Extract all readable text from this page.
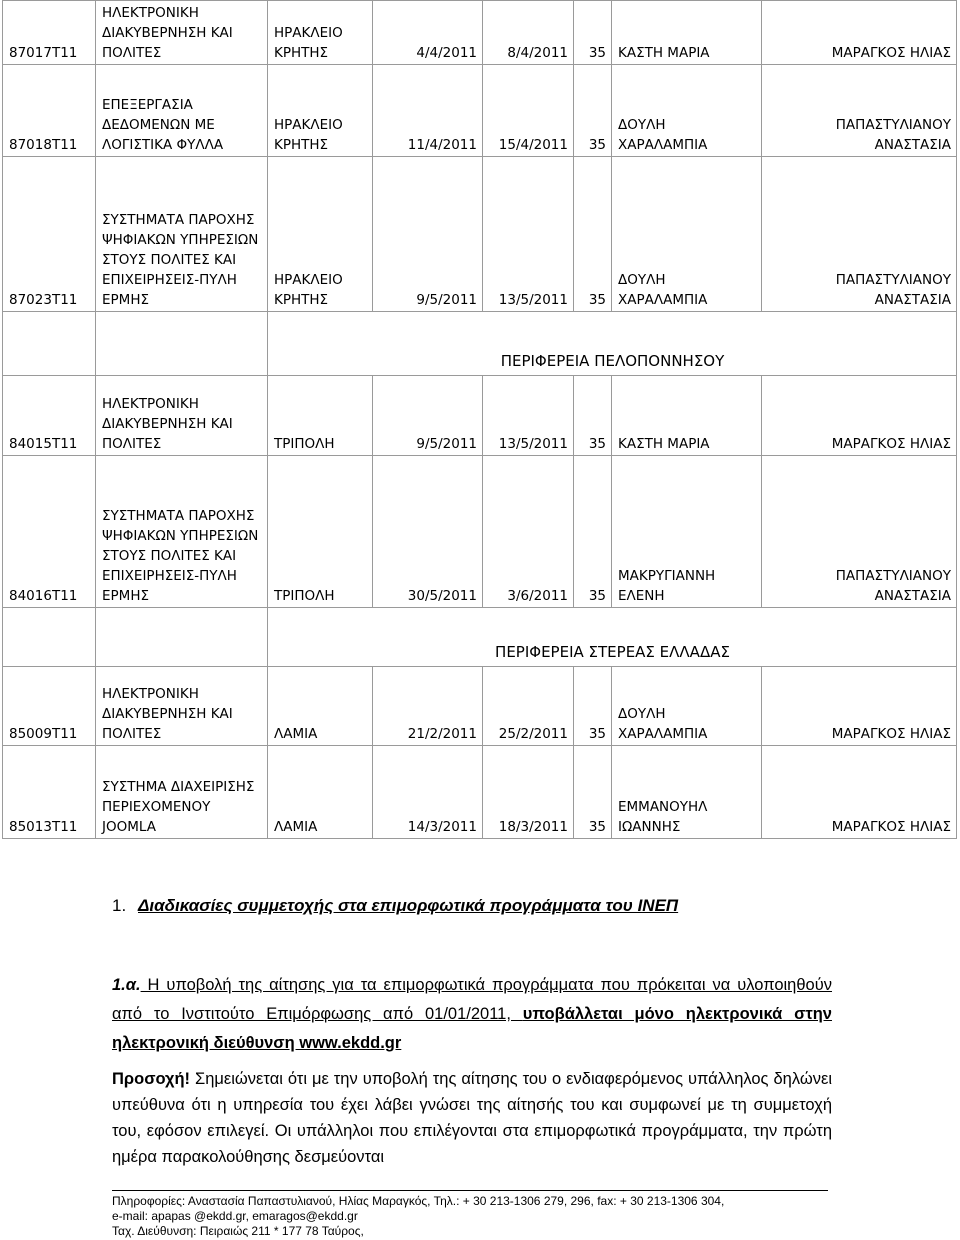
87017Τ11	ΗΛΕΚΤΡΟΝΙΚΗ ΔΙΑΚΥΒΕΡΝΗΣΗ ΚΑΙ ΠΟΛΙΤΕΣ	ΗΡΑΚΛΕΙΟ ΚΡΗΤΗΣ	4/4/2011	8/4/2011	35	ΚΑΣΤΗ ΜΑΡΙΑ	ΜΑΡΑΓΚΟΣ ΗΛΙΑΣ
87018Τ11	ΕΠΕΞΕΡΓΑΣΙΑ ΔΕΔΟΜΕΝΩΝ ΜΕ ΛΟΓΙΣΤΙΚΑ ΦΥΛΛΑ	ΗΡΑΚΛΕΙΟ ΚΡΗΤΗΣ	11/4/2011	15/4/2011	35	ΔΟΥΛΗ ΧΑΡΑΛΑΜΠΙΑ	ΠΑΠΑΣΤΥΛΙΑΝΟΥ ΑΝΑΣΤΑΣΙΑ
87023Τ11	ΣΥΣΤΗΜΑΤΑ ΠΑΡΟΧΗΣ ΨΗΦΙΑΚΩΝ ΥΠΗΡΕΣΙΩΝ ΣΤΟΥΣ ΠΟΛΙΤΕΣ ΚΑΙ ΕΠΙΧΕΙΡΗΣΕΙΣ-ΠΥΛΗ ΕΡΜΗΣ	ΗΡΑΚΛΕΙΟ ΚΡΗΤΗΣ	9/5/2011	13/5/2011	35	ΔΟΥΛΗ ΧΑΡΑΛΑΜΠΙΑ	ΠΑΠΑΣΤΥΛΙΑΝΟΥ ΑΝΑΣΤΑΣΙΑ
		ΠΕΡΙΦΕΡΕΙΑ ΠΕΛΟΠΟΝΝΗΣΟΥ					
84015Τ11	ΗΛΕΚΤΡΟΝΙΚΗ ΔΙΑΚΥΒΕΡΝΗΣΗ ΚΑΙ ΠΟΛΙΤΕΣ	ΤΡΙΠΟΛΗ	9/5/2011	13/5/2011	35	ΚΑΣΤΗ ΜΑΡΙΑ	ΜΑΡΑΓΚΟΣ ΗΛΙΑΣ
84016Τ11	ΣΥΣΤΗΜΑΤΑ ΠΑΡΟΧΗΣ ΨΗΦΙΑΚΩΝ ΥΠΗΡΕΣΙΩΝ ΣΤΟΥΣ ΠΟΛΙΤΕΣ ΚΑΙ ΕΠΙΧΕΙΡΗΣΕΙΣ-ΠΥΛΗ ΕΡΜΗΣ	ΤΡΙΠΟΛΗ	30/5/2011	3/6/2011	35	ΜΑΚΡΥΓΙΑΝΝΗ ΕΛΕΝΗ	ΠΑΠΑΣΤΥΛΙΑΝΟΥ ΑΝΑΣΤΑΣΙΑ
		ΠΕΡΙΦΕΡΕΙΑ ΣΤΕΡΕΑΣ ΕΛΛΑΔΑΣ					
85009Τ11	ΗΛΕΚΤΡΟΝΙΚΗ ΔΙΑΚΥΒΕΡΝΗΣΗ ΚΑΙ ΠΟΛΙΤΕΣ	ΛΑΜΙΑ	21/2/2011	25/2/2011	35	ΔΟΥΛΗ ΧΑΡΑΛΑΜΠΙΑ	ΜΑΡΑΓΚΟΣ ΗΛΙΑΣ
85013Τ11	ΣΥΣΤΗΜΑ ΔΙΑΧΕΙΡΙΣΗΣ ΠΕΡΙΕΧΟΜΕΝΟΥ JOOMLA	ΛΑΜΙΑ	14/3/2011	18/3/2011	35	ΕΜΜΑΝΟΥΗΛ ΙΩΑΝΝΗΣ	ΜΑΡΑΓΚΟΣ ΗΛΙΑΣ
1. Διαδικασίες συμμετοχής στα επιμορφωτικά προγράμματα του ΙΝΕΠ
1.α. Η υποβολή της αίτησης για τα επιμορφωτικά προγράμματα που πρόκειται να υλοποιηθούν από το Ινστιτούτο Επιμόρφωσης από 01/01/2011, υποβάλλεται μόνο ηλεκτρονικά στην ηλεκτρονική διεύθυνση www.ekdd.gr
Προσοχή! Σημειώνεται ότι με την υποβολή της αίτησης του ο ενδιαφερόμενος υπάλληλος δηλώνει υπεύθυνα ότι η υπηρεσία του έχει λάβει γνώσει της αίτησής του και συμφωνεί με τη συμμετοχή του, εφόσον επιλεγεί. Οι υπάλληλοι που επιλέγονται στα επιμορφωτικά προγράμματα, την πρώτη ημέρα παρακολούθησης δεσμεύονται
Πληροφορίες: Αναστασία Παπαστυλιανού, Ηλίας Μαραγκός, Τηλ.: + 30 213-1306 279, 296, fax: + 30 213-1306 304,
e-mail: apapas @ekdd.gr, emaragos@ekdd.gr
Ταχ. Διεύθυνση: Πειραιώς 211 * 177 78 Ταύρος,
